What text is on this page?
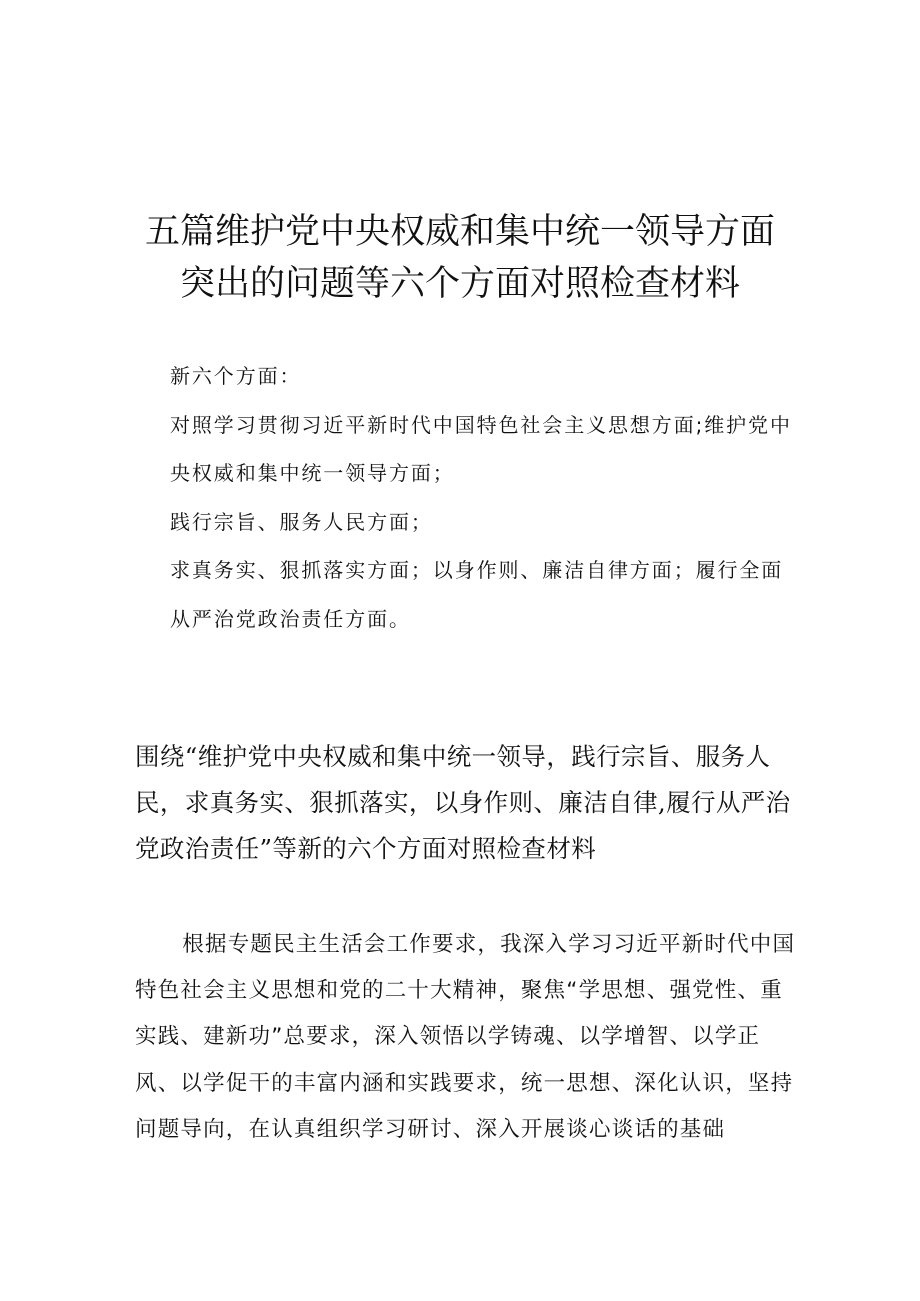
五篇维护党中央权威和集中统一领导方面
突出的问题等六个方面对照检查材料

新六个方面：

对照学习贯彻习近平新时代中国特色社会主义思想方面;维护党中央权威和集中统一领导方面；

践行宗旨、服务人民方面；

求真务实、狠抓落实方面；以身作则、廉洁自律方面；履行全面从严治党政治责任方面。

围绕“维护党中央权威和集中统一领导，践行宗旨、服务人民，求真务实、狠抓落实，以身作则、廉洁自律,履行从严治党政治责任”等新的六个方面对照检查材料

根据专题民主生活会工作要求，我深入学习习近平新时代中国特色社会主义思想和党的二十大精神，聚焦“学思想、强党性、重实践、建新功”总要求，深入领悟以学铸魂、以学增智、以学正风、以学促干的丰富内涵和实践要求，统一思想、深化认识，坚持问题导向，在认真组织学习研讨、深入开展谈心谈话的基础
